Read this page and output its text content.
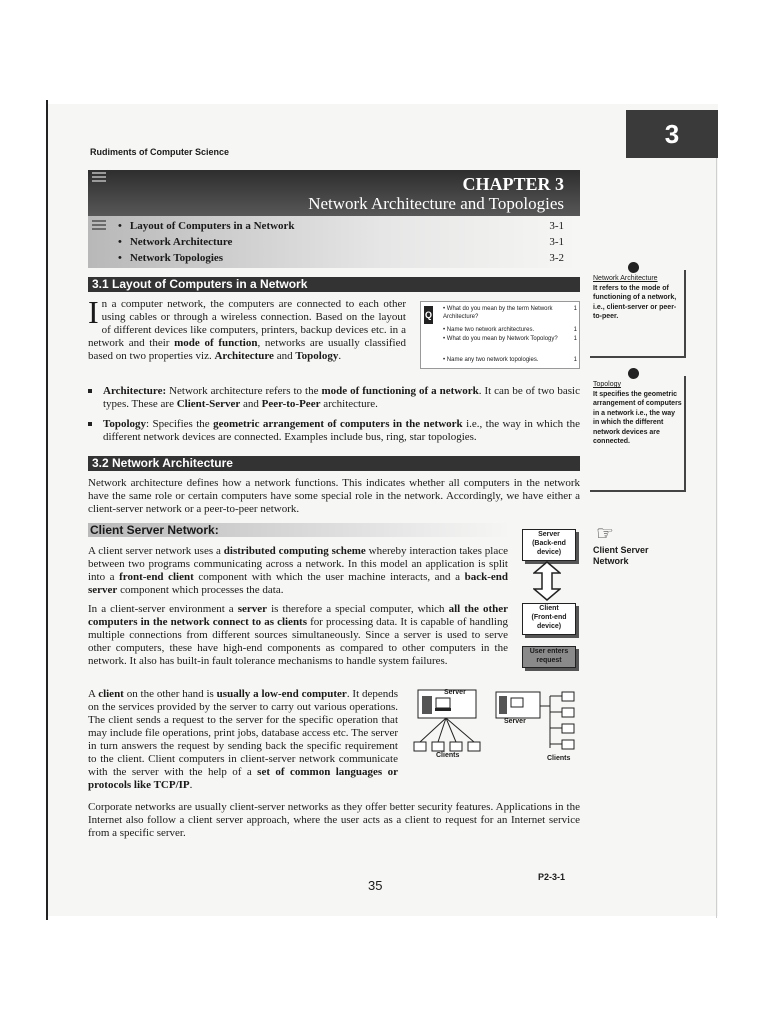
3
Rudiments of Computer Science
CHAPTER 3
Network Architecture and Topologies
• Layout of Computers in a Network	3-1
• Network Architecture	3-1
• Network Topologies	3-2
3.1 Layout of Computers in a Network
In a computer network, the computers are connected to each other using cables or through a wireless connection. Based on the layout of different devices like computers, printers, backup devices etc. in a network and their mode of function, networks are usually classified based on two properties viz. Architecture and Topology.
Q
• What do you mean by the term Network Architecture?
1
• Name two network architectures.	1
• What do you mean by Network Topology?	1
• Name any two network topologies.	1
Architecture: Network architecture refers to the mode of functioning of a network. It can be of two basic types. These are Client-Server and Peer-to-Peer architecture.
Topology: Specifies the geometric arrangement of computers in the network i.e., the way in which the different network devices are connected. Examples include bus, ring, star topologies.
3.2 Network Architecture
Network architecture defines how a network functions. This indicates whether all computers in the network have the same role or certain computers have some special role in the network. Accordingly, we have either a client-server network or a peer-to-peer network.
Client Server Network:
A client server network uses a distributed computing scheme whereby interaction takes place between two programs communicating across a network. In this model an application is split into a front-end client component with which the user machine interacts, and a back-end server component which processes the data.
In a client-server environment a server is therefore a special computer, which all the other computers in the network connect to as clients for processing data. It is capable of handling multiple connections from different sources simultaneously. Since a server is used to serve other computers, these have high-end components as compared to other computers in the network. It also has built-in fault tolerance mechanisms to handle system failures.
A client on the other hand is usually a low-end computer. It depends on the services provided by the server to carry out various operations. The client sends a request to the server for the specific operation that may include file operations, print jobs, database access etc. The server in turn answers the request by sending back the specific requirement to the client. Client computers in client-server network communicate with the server with the help of a set of common languages or protocols like TCP/IP.
Corporate networks are usually client-server networks as they offer better security features. Applications in the Internet also follow a client server approach, where the user acts as a client to request for an Internet service from a specific server.
Server
(Back-end
device)
Client
(Front-end
device)
User enters
request
Server
Clients
Server
Clients
Network Architecture
It refers to the mode of functioning of a network, i.e., client-server or peer-to-peer.
Topology
It specifies the geometric arrangement of computers in a network i.e., the way in which the different network devices are connected.
☞
Client Server
Network
P2-3-1
35
